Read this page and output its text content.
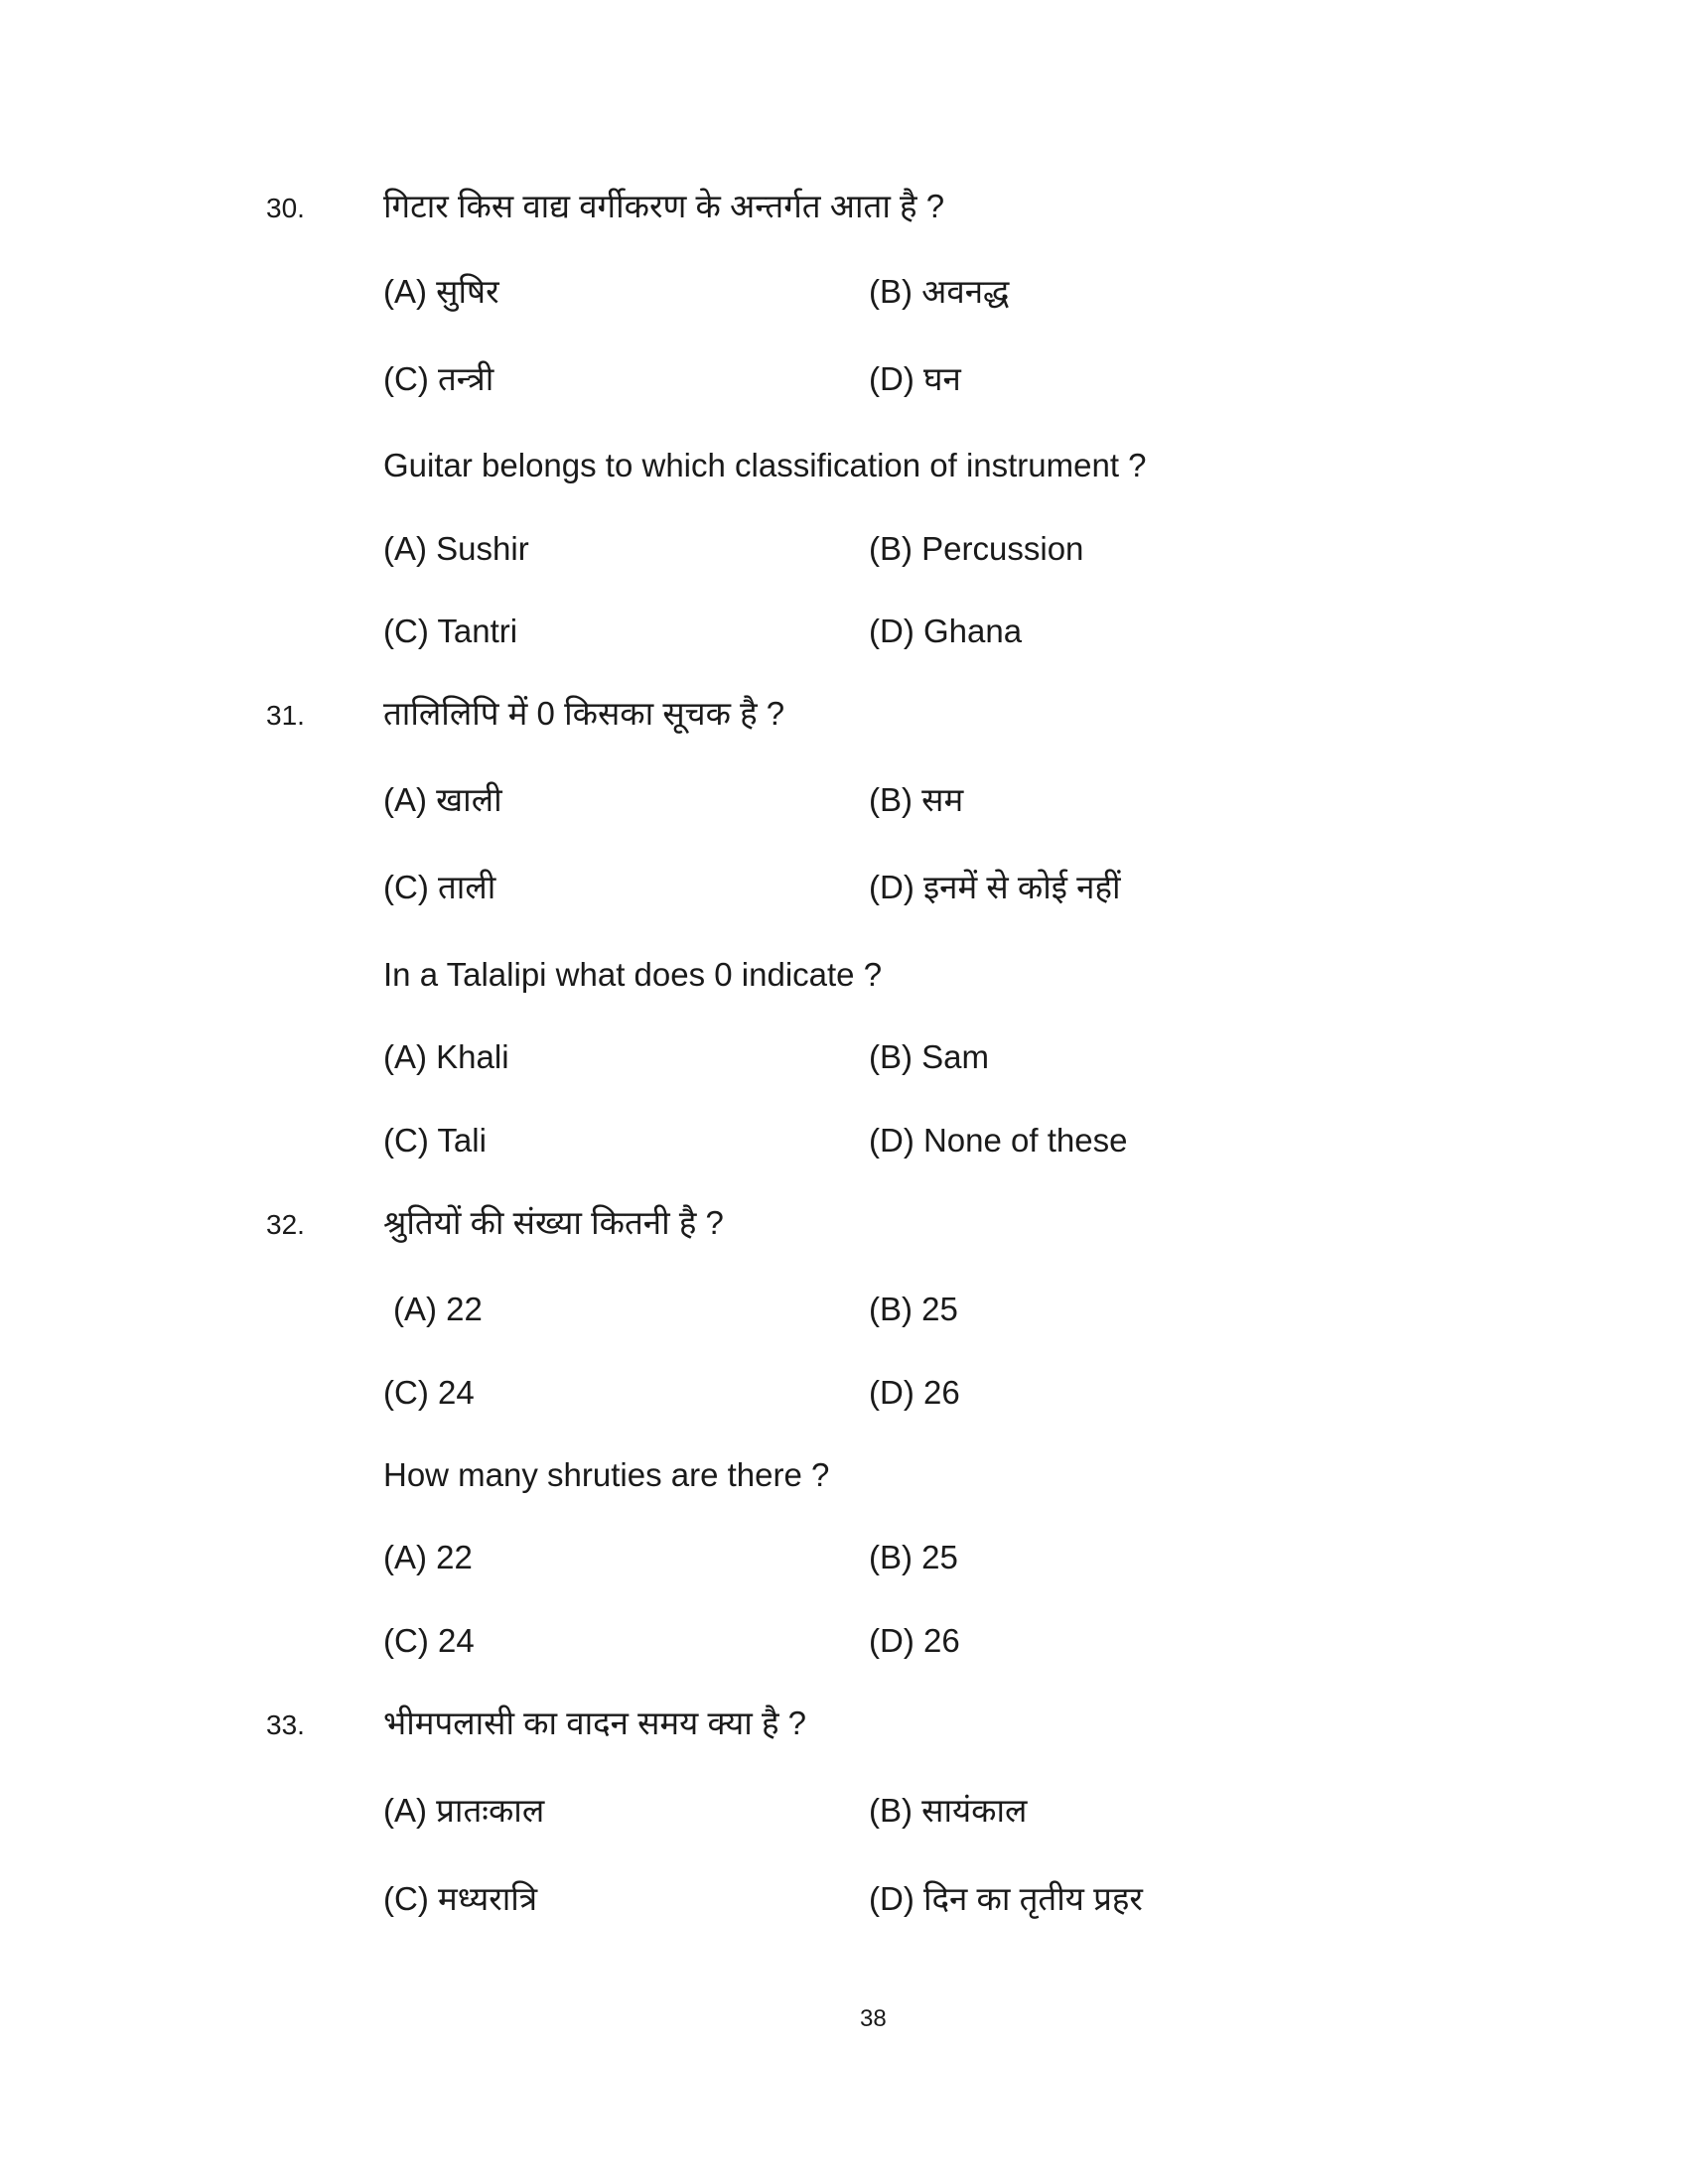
30. गिटार किस वाद्य वर्गीकरण के अन्तर्गत आता है ?
(A) सुषिर	(B) अवनद्ध
(C) तन्त्री	(D) घन
Guitar belongs to which classification of instrument ?
(A) Sushir	(B) Percussion
(C) Tantri	(D) Ghana
31. तालिलिपि में 0 किसका सूचक है ?
(A) खाली	(B) सम
(C) ताली	(D) इनमें से कोई नहीं
In a Talalipi what does 0 indicate ?
(A) Khali	(B) Sam
(C) Tali	(D) None of these
32. श्रुतियों की संख्या कितनी है ?
(A) 22	(B) 25
(C) 24	(D) 26
How many shruties are there ?
(A) 22	(B) 25
(C) 24	(D) 26
33. भीमपलासी का वादन समय क्या है ?
(A) प्रातःकाल	(B) सायंकाल
(C) मध्यरात्रि	(D) दिन का तृतीय प्रहर
38
